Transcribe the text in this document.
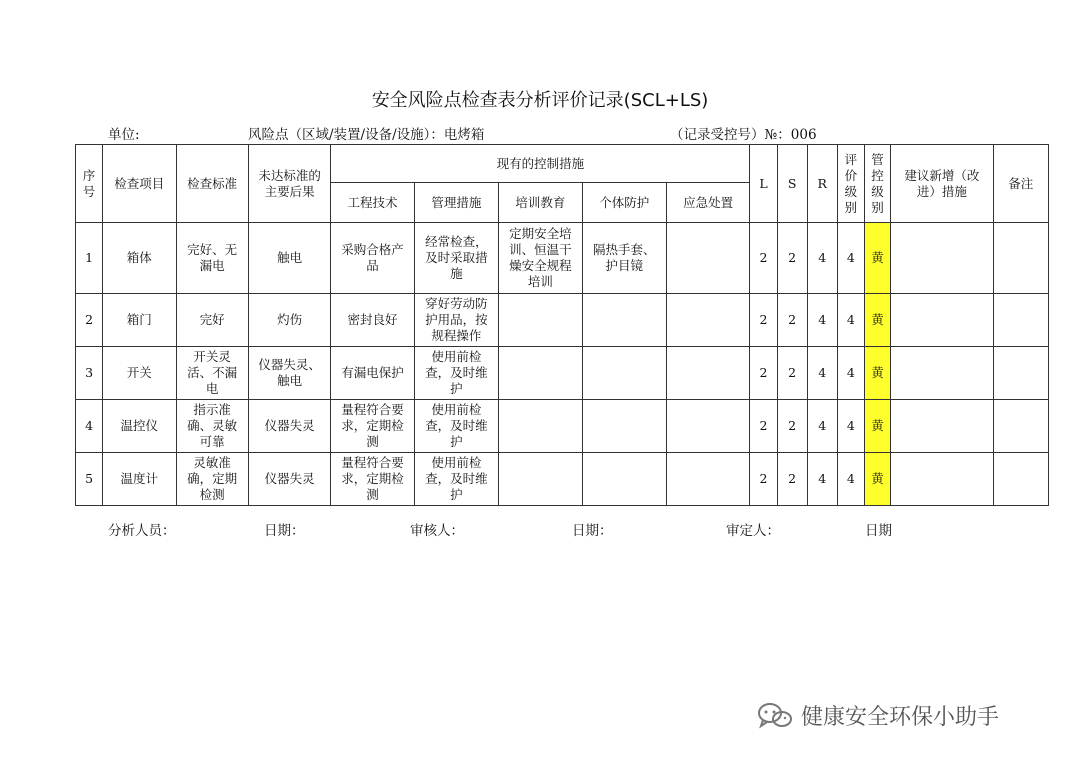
安全风险点检查表分析评价记录(SCL+LS)
单位:	风险点（区域/装置/设备/设施）：电烤箱	（记录受控号）№：006
序号	检查项目	检查标准	未达标准的主要后果	现有的控制措施					L	S	R	评价级别	管控级别	建议新增（改进）措施	备注
				工程技术	管理措施	培训教育	个体防护	应急处置							
1	箱体	完好、无漏电	触电	采购合格产品	经常检查，及时采取措施	定期安全培训、恒温干燥安全规程培训	隔热手套、护目镜		2	2	4	4	黄		
2	箱门	完好	灼伤	密封良好	穿好劳动防护用品，按规程操作				2	2	4	4	黄		
3	开关	开关灵活、不漏电	仪器失灵、触电	有漏电保护	使用前检查，及时维护				2	2	4	4	黄		
4	温控仪	指示准确、灵敏可靠	仪器失灵	量程符合要求，定期检测	使用前检查，及时维护				2	2	4	4	黄		
5	温度计	灵敏准确，定期检测	仪器失灵	量程符合要求，定期检测	使用前检查，及时维护				2	2	4	4	黄		
分析人员：	日期：	审核人：	日期：	审定人：	日期
健康安全环保小助手
